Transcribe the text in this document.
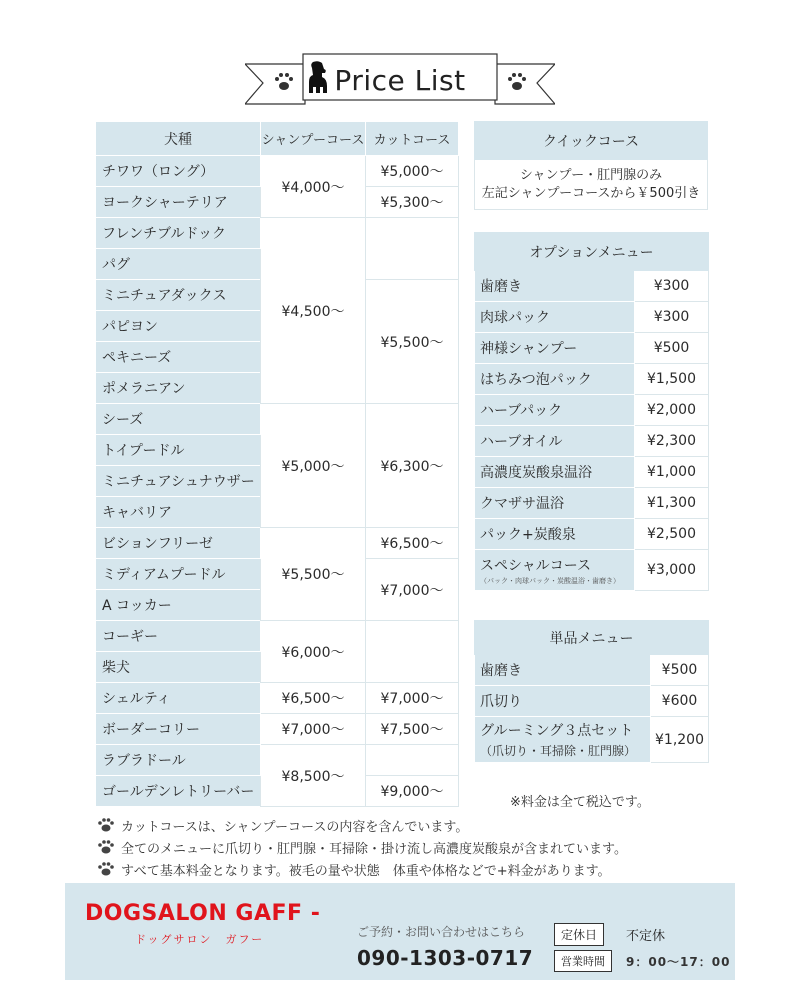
Price List
犬種	シャンプーコース	カットコース
チワワ（ロング）	¥4,000～	¥5,000～
ヨークシャーテリア		¥5,300～
フレンチブルドック	¥4,500～	
パグ		
ミニチュアダックス		¥5,500～
パピヨン		
ペキニーズ		
ポメラニアン		
シーズ	¥5,000～	¥6,300～
トイプードル		
ミニチュアシュナウザー		
キャバリア		
ビションフリーゼ	¥5,500～	¥6,500～
ミディアムプードル		¥7,000～
A コッカー		
コーギー	¥6,000～	
柴犬		
シェルティ	¥6,500～	¥7,000～
ボーダーコリー	¥7,000～	¥7,500～
ラブラドール	¥8,500～	
ゴールデンレトリーバー		¥9,000～
クイックコース

シャンプー・肛門腺のみ
左記シャンプーコースから￥500引き
オプションメニュー	
歯磨き	¥300
肉球パック	¥300
神様シャンプー	¥500
はちみつ泡パック	¥1,500
ハーブパック	¥2,000
ハーブオイル	¥2,300
高濃度炭酸泉温浴	¥1,000
クマザサ温浴	¥1,300
パック+炭酸泉	¥2,500
スペシャルコース
（パック・肉球パック・炭酸温浴・歯磨き）	¥3,000
単品メニュー	
歯磨き	¥500
爪切り	¥600
グルーミング３点セット
（爪切り・耳掃除・肛門腺）	¥1,200
※料金は全て税込です。
カットコースは、シャンプーコースの内容を含んでいます。
全てのメニューに爪切り・肛門腺・耳掃除・掛け流し高濃度炭酸泉が含まれています。
すべて基本料金となります。被毛の量や状態　体重や体格などで+料金があります。
DOGSALON GAFF -
ドッグサロン　ガフー
ご予約・お問い合わせはこちら
090-1303-0717
定休日	不定休
営業時間	9：00～17：00
